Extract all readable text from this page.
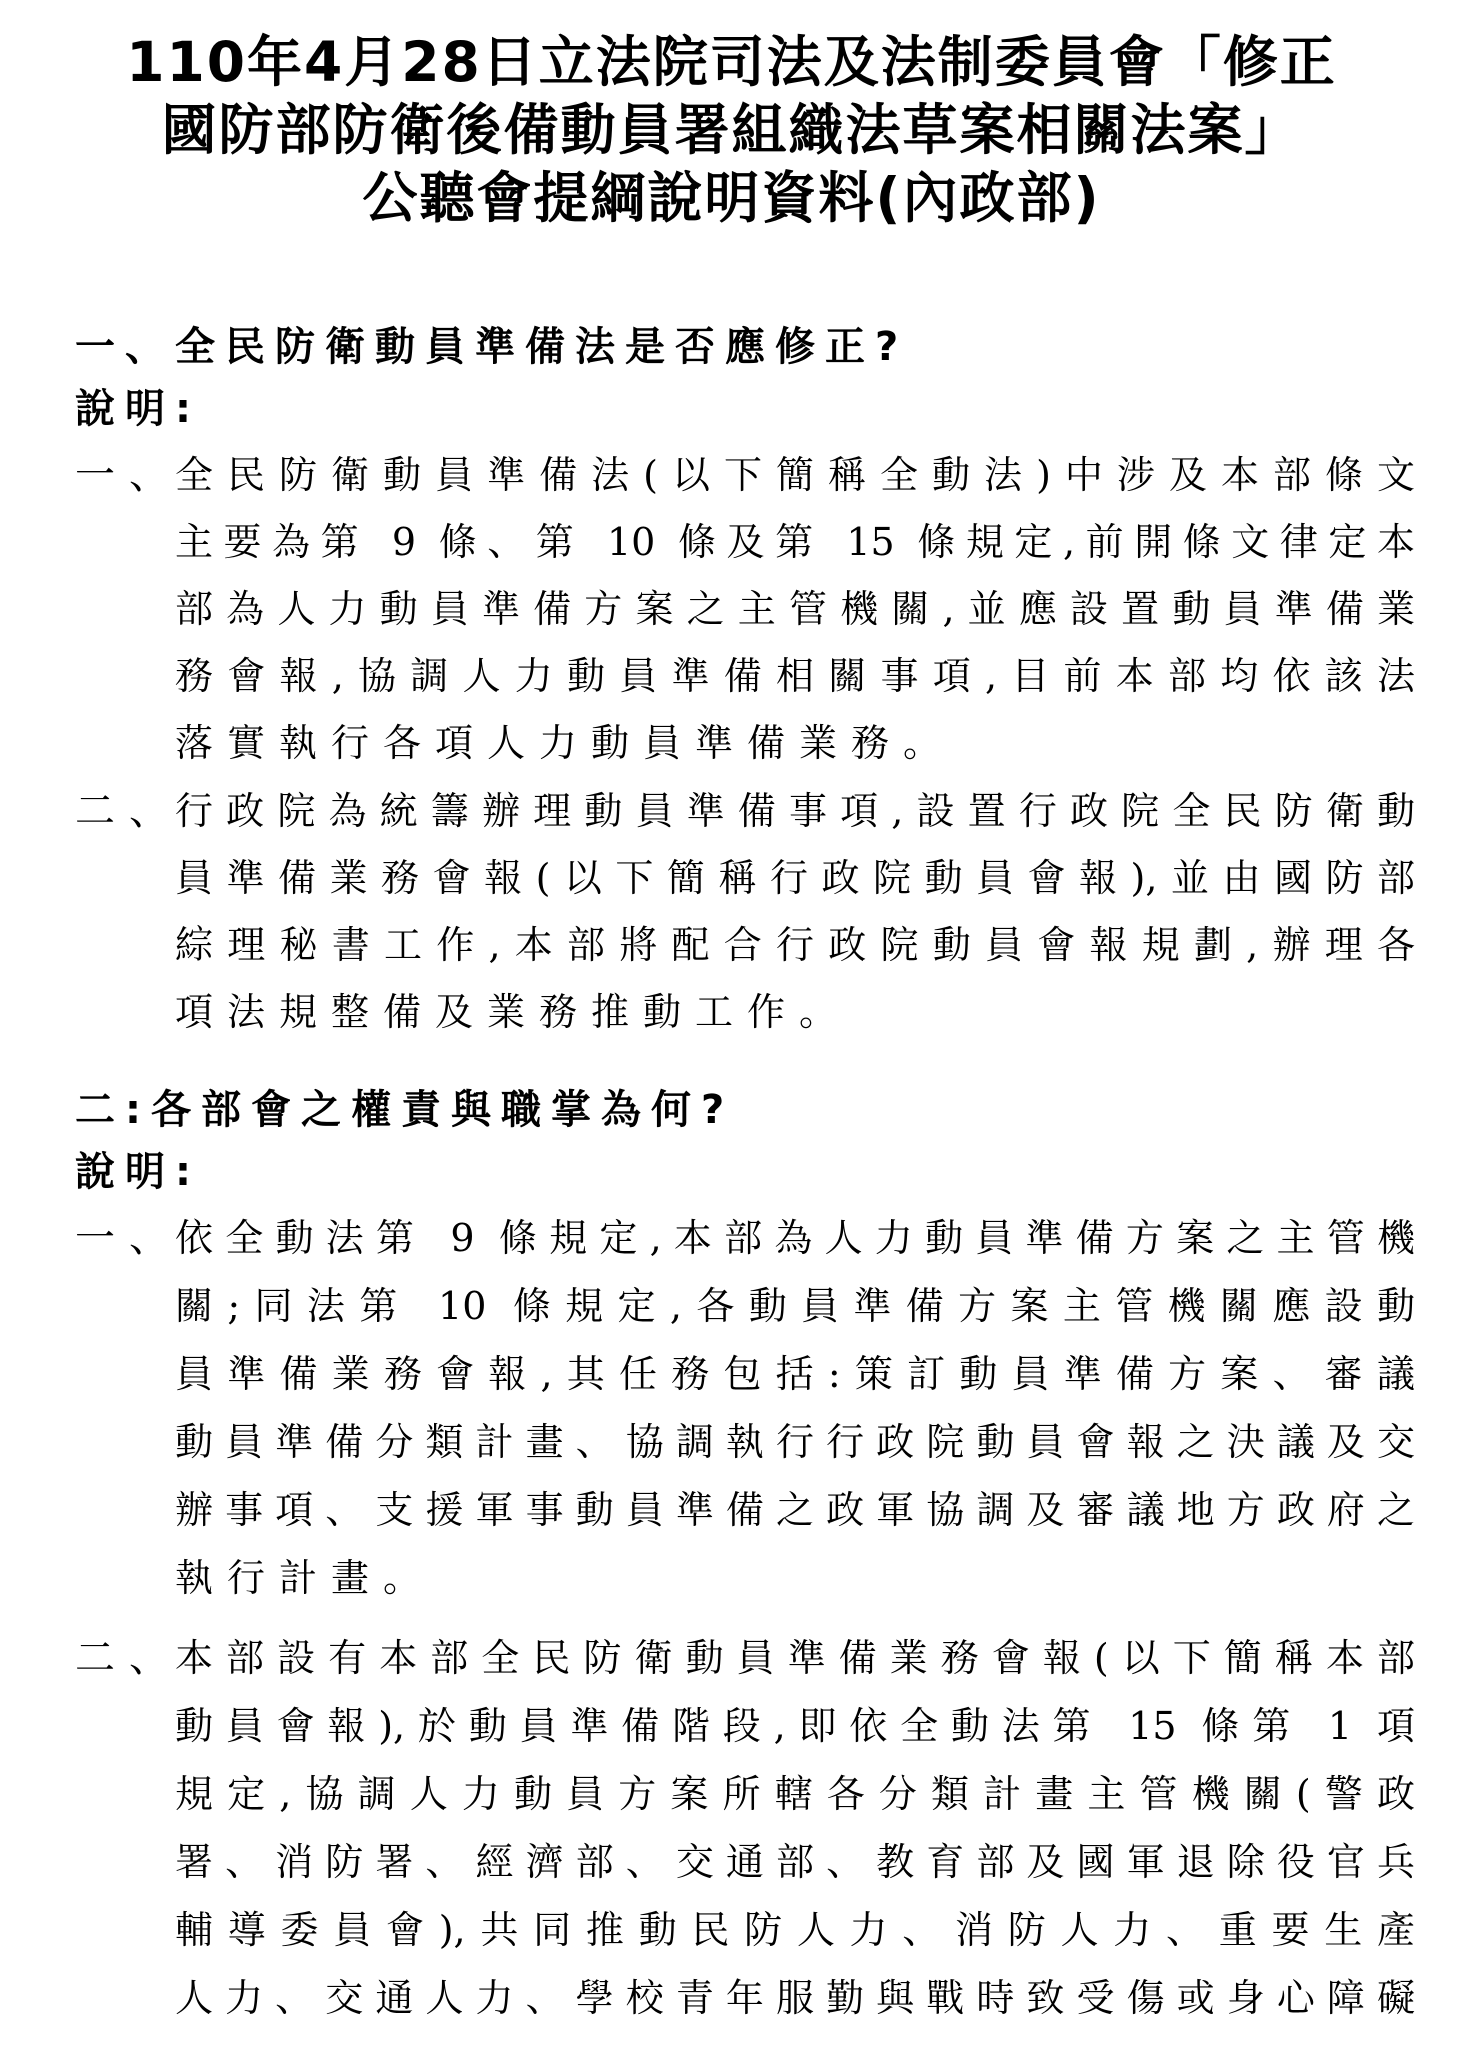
110年4月28日立法院司法及法制委員會「修正
國防部防衛後備動員署組織法草案相關法案」
公聽會提綱說明資料(內政部)
一、全民防衛動員準備法是否應修正?
說明:
一、
全民防衛動員準備法(以下簡稱全動法)中涉及本部條文
主要為第 9 條、第 10 條及第 15 條規定,前開條文律定本
部為人力動員準備方案之主管機關,並應設置動員準備業
務會報,協調人力動員準備相關事項,目前本部均依該法
落實執行各項人力動員準備業務。
二、
行政院為統籌辦理動員準備事項,設置行政院全民防衛動
員準備業務會報(以下簡稱行政院動員會報),並由國防部
綜理秘書工作,本部將配合行政院動員會報規劃,辦理各
項法規整備及業務推動工作。
二:各部會之權責與職掌為何?
說明:
一、
依全動法第 9 條規定,本部為人力動員準備方案之主管機
關;同法第 10 條規定,各動員準備方案主管機關應設動
員準備業務會報,其任務包括:策訂動員準備方案、審議
動員準備分類計畫、協調執行行政院動員會報之決議及交
辦事項、支援軍事動員準備之政軍協調及審議地方政府之
執行計畫。
二、
本部設有本部全民防衛動員準備業務會報(以下簡稱本部
動員會報),於動員準備階段,即依全動法第 15 條第 1 項
規定,協調人力動員方案所轄各分類計畫主管機關(警政
署、消防署、經濟部、交通部、教育部及國軍退除役官兵
輔導委員會),共同推動民防人力、消防人力、重要生產
人力、交通人力、學校青年服勤與戰時致受傷或身心障礙
